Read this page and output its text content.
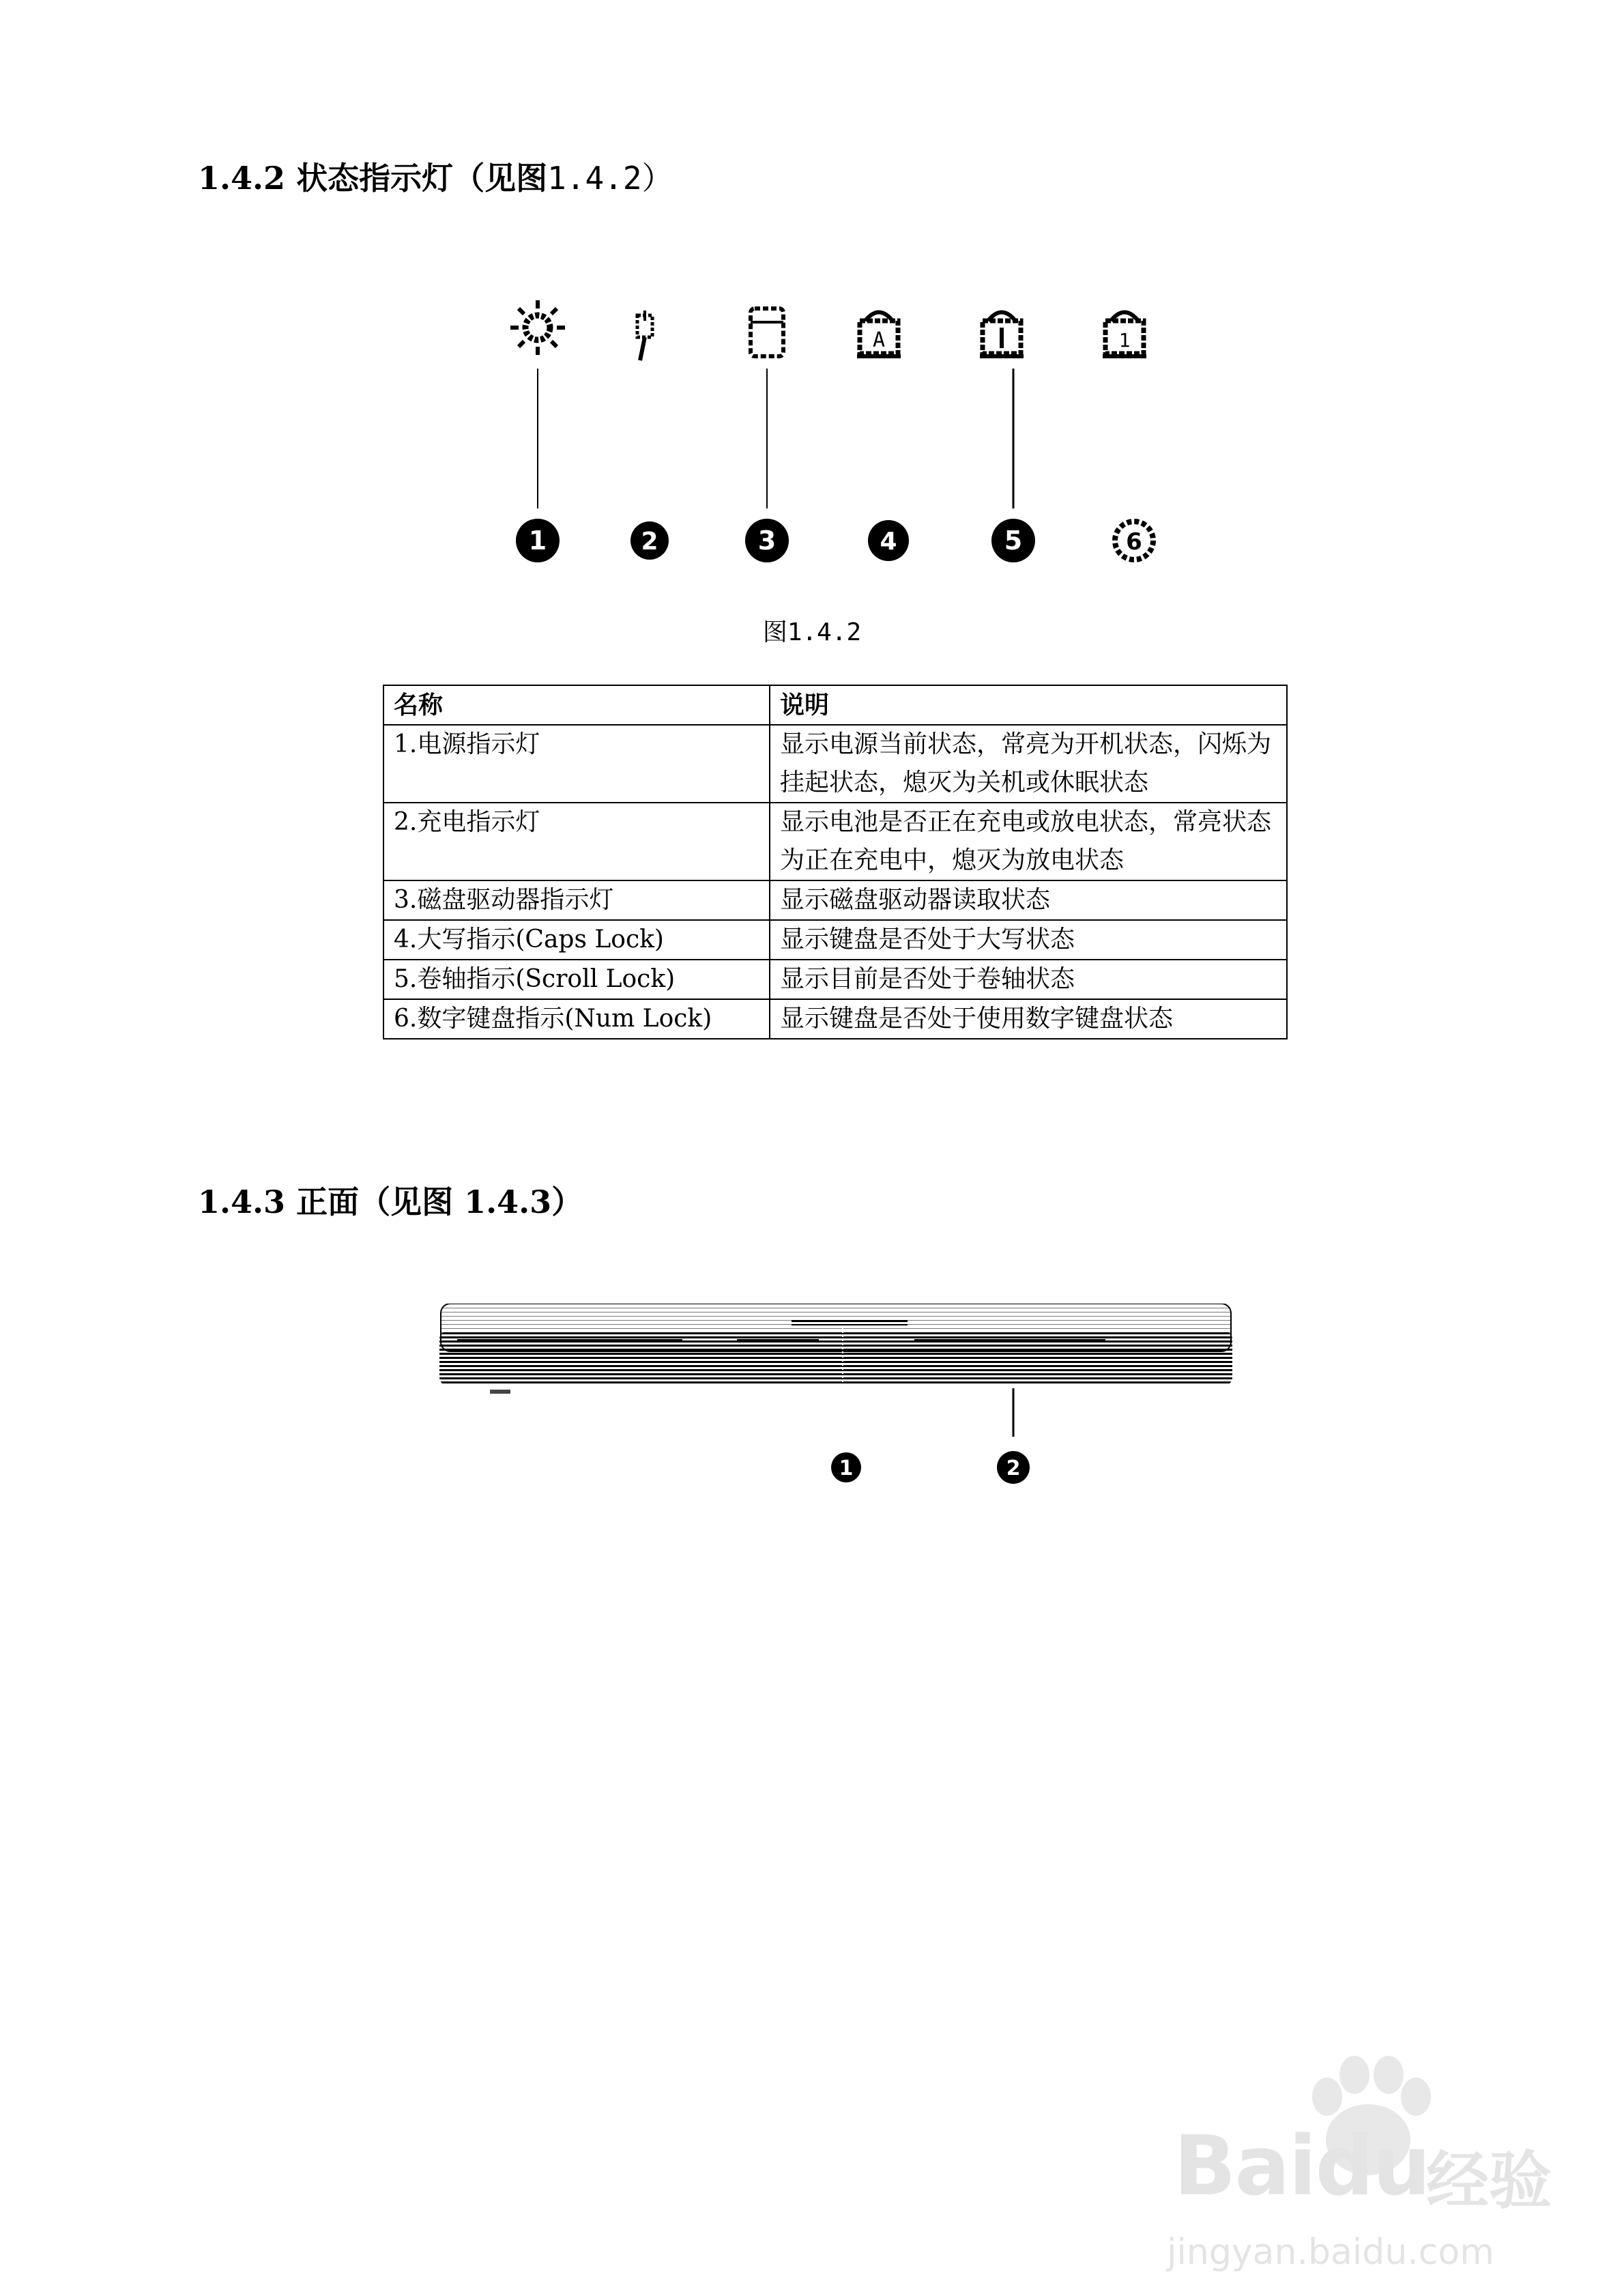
1.4.2 状态指示灯（见图1.4.2）
A	1
1	2	3	4	5	6
图1.4.2
名称	说明
1.电源指示灯	显示电源当前状态，常亮为开机状态，闪烁为挂起状态，熄灭为关机或休眠状态
2.充电指示灯	显示电池是否正在充电或放电状态，常亮状态为正在充电中，熄灭为放电状态
3.磁盘驱动器指示灯	显示磁盘驱动器读取状态
4.大写指示(Caps Lock)	显示键盘是否处于大写状态
5.卷轴指示(Scroll Lock)	显示目前是否处于卷轴状态
6.数字键盘指示(Num Lock)	显示键盘是否处于使用数字键盘状态
1.4.3 正面（见图 1.4.3）
1	2
Baidu
经验
jingyan.baidu.com
